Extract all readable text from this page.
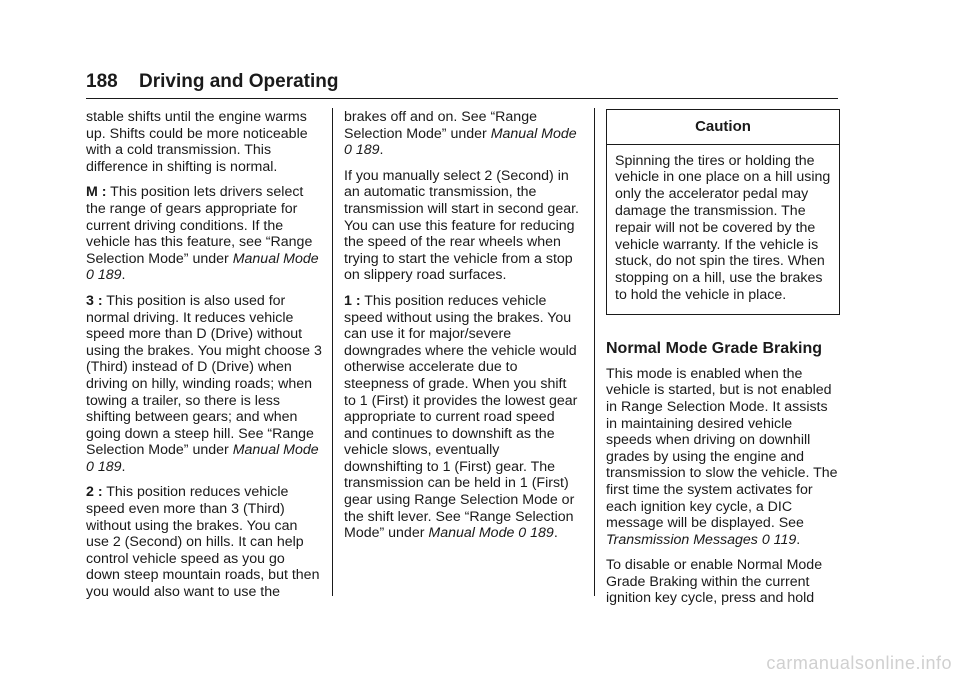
188 Driving and Operating

stable shifts until the engine warms up. Shifts could be more noticeable with a cold transmission. This difference in shifting is normal.

M : This position lets drivers select the range of gears appropriate for current driving conditions. If the vehicle has this feature, see “Range Selection Mode” under Manual Mode 0 189.

3 : This position is also used for normal driving. It reduces vehicle speed more than D (Drive) without using the brakes. You might choose 3 (Third) instead of D (Drive) when driving on hilly, winding roads; when towing a trailer, so there is less shifting between gears; and when going down a steep hill. See “Range Selection Mode” under Manual Mode 0 189.

2 : This position reduces vehicle speed even more than 3 (Third) without using the brakes. You can use 2 (Second) on hills. It can help control vehicle speed as you go down steep mountain roads, but then you would also want to use the

brakes off and on. See “Range Selection Mode” under Manual Mode 0 189.

If you manually select 2 (Second) in an automatic transmission, the transmission will start in second gear. You can use this feature for reducing the speed of the rear wheels when trying to start the vehicle from a stop on slippery road surfaces.

1 : This position reduces vehicle speed without using the brakes. You can use it for major/severe downgrades where the vehicle would otherwise accelerate due to steepness of grade. When you shift to 1 (First) it provides the lowest gear appropriate to current road speed and continues to downshift as the vehicle slows, eventually downshifting to 1 (First) gear. The transmission can be held in 1 (First) gear using Range Selection Mode or the shift lever. See “Range Selection Mode” under Manual Mode 0 189.

Caution
Spinning the tires or holding the vehicle in one place on a hill using only the accelerator pedal may damage the transmission. The repair will not be covered by the vehicle warranty. If the vehicle is stuck, do not spin the tires. When stopping on a hill, use the brakes to hold the vehicle in place.
Normal Mode Grade Braking

This mode is enabled when the vehicle is started, but is not enabled in Range Selection Mode. It assists in maintaining desired vehicle speeds when driving on downhill grades by using the engine and transmission to slow the vehicle. The first time the system activates for each ignition key cycle, a DIC message will be displayed. See Transmission Messages 0 119.

To disable or enable Normal Mode Grade Braking within the current ignition key cycle, press and hold

carmanualsonline.info
